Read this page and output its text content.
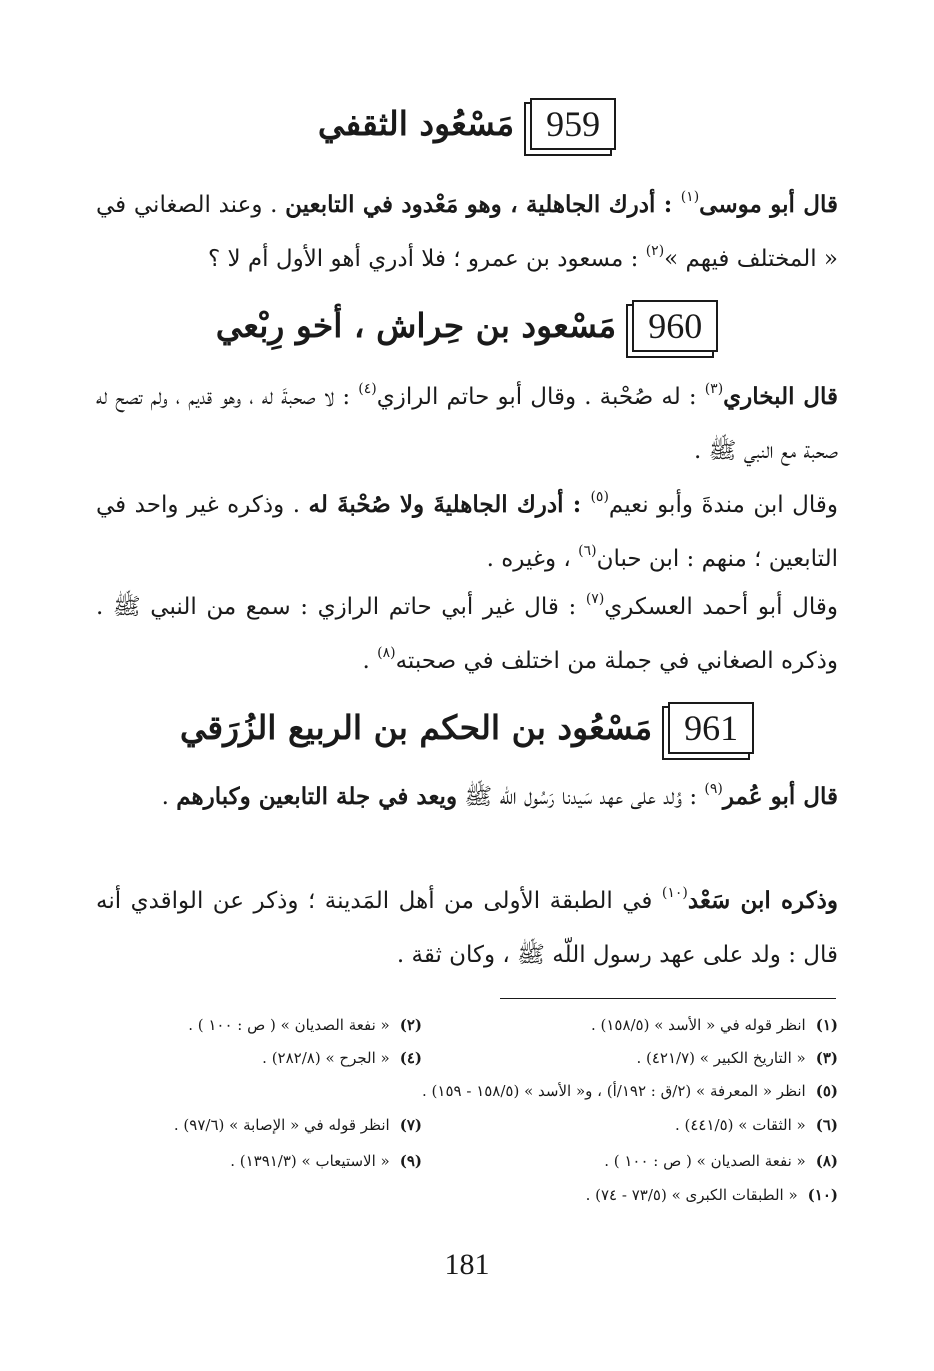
959
مَسْعُود الثقفي

قال أبو موسى$^{(١)}$ : أدرك الجاهلية ، وهو مَعْدود في التابعين . وعند الصغاني في « المختلف فيهم »$^{(٢)}$ : مسعود بن عمرو ؛ فلا أدري أهو الأول أم لا ؟

960
مَسْعود بن حِراش ، أخو رِبْعي

قال البخاري$^{(٣)}$ : له صُحْبة . وقال أبو حاتم الرازي$^{(٤)}$ : لا صحبةَ له ، وهو قديم ، ولم تصح له صحبة مع النبي ﷺ .

وقال ابن مندةَ وأبو نعيم$^{(٥)}$ : أدرك الجاهليةَ ولا صُحْبةَ له . وذكره غير واحد في التابعين ؛ منهم : ابن حبان$^{(٦)}$ ، وغيره .

وقال أبو أحمد العسكري$^{(٧)}$ : قال غير أبي حاتم الرازي : سمع من النبي ﷺ . وذكره الصغاني في جملة من اختلف في صحبته$^{(٨)}$ .

961
مَسْعُود بن الحكم بن الربيع الزُرَقي

قال أبو عُمر$^{(٩)}$ : وُلد على عهد سَيدنا رَسُول اللّه ﷺ ويعد في جلة التابعين وكبارهم .

وذكره ابن سَعْد$^{(١٠)}$ في الطبقة الأولى من أهل المَدينة ؛ وذكر عن الواقدي أنه قال : ولد على عهد رسول اللّه ﷺ ، وكان ثقة .

(١)انظر قوله في « الأسد » (١٥٨/٥) .
(٢)« نفعة الصديان » ( ص : ١٠٠ ) .
(٣)« التاريخ الكبير » (٤٢١/٧) .
(٤)« الجرح » (٢٨٢/٨) .
(٥)انظر « المعرفة » (٢/ق : ١٩٢/أ) ، و« الأسد » (١٥٨/٥ - ١٥٩) .
(٦)« الثقات » (٤٤١/٥) .
(٧)انظر قوله في « الإصابة » (٩٧/٦) .
(٨)« نفعة الصديان » ( ص : ١٠٠ ) .
(٩)« الاستيعاب » (١٣٩١/٣) .
(١٠)« الطبقات الكبرى » (٧٣/٥ - ٧٤) .
181
